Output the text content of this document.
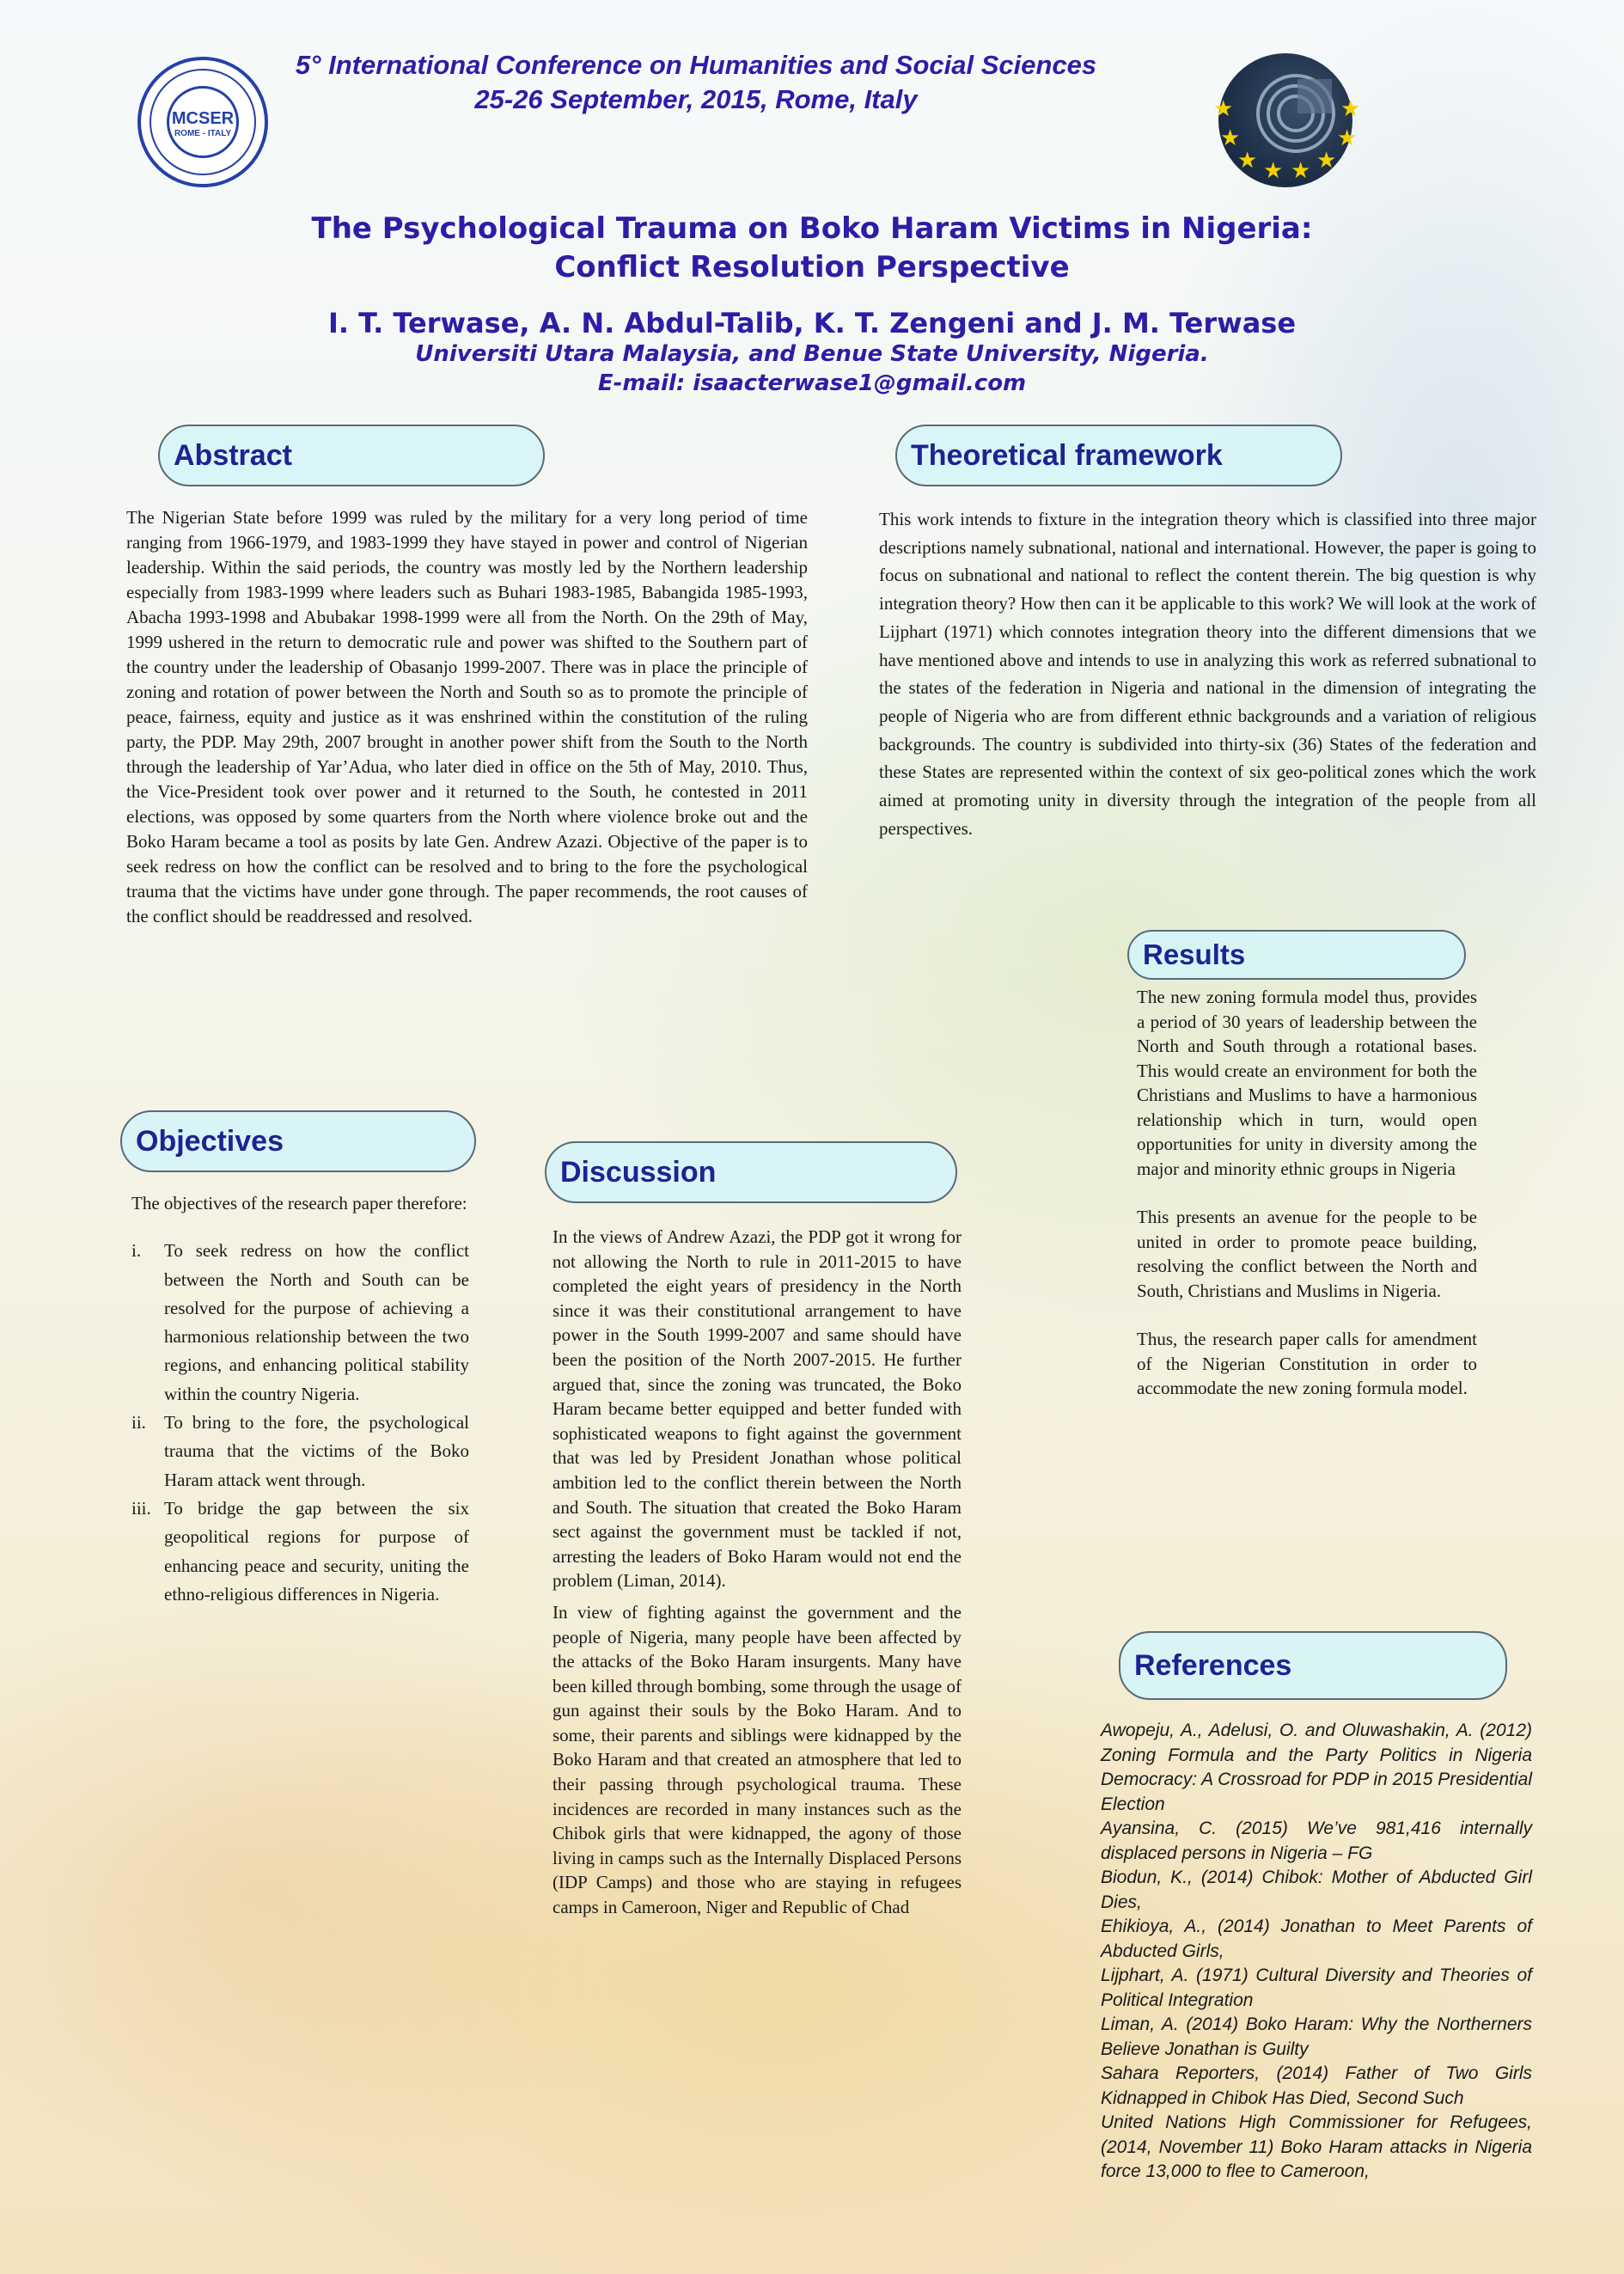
MCSER
ROME - ITALY
5° International Conference on Humanities and Social Sciences
25-26 September, 2015, Rome, Italy	★
★
★ ★ ★ ★
★
★
The Psychological Trauma on Boko Haram Victims in Nigeria:
Conflict Resolution Perspective
I. T. Terwase, A. N. Abdul-Talib, K. T. Zengeni and J. M. Terwase
Universiti Utara Malaysia, and Benue State University, Nigeria.
E-mail: isaacterwase1@gmail.com
Abstract

The Nigerian State before 1999 was ruled by the military for a very long period of time ranging from 1966-1979, and 1983-1999 they have stayed in power and control of Nigerian leadership. Within the said periods, the country was mostly led by the Northern leadership especially from 1983-1999 where leaders such as Buhari 1983-1985, Babangida 1985-1993, Abacha 1993-1998 and Abubakar 1998-1999 were all from the North. On the 29th of May, 1999 ushered in the return to democratic rule and power was shifted to the Southern part of the country under the leadership of Obasanjo 1999-2007. There was in place the principle of zoning and rotation of power between the North and South so as to promote the principle of peace, fairness, equity and justice as it was enshrined within the constitution of the ruling party, the PDP. May 29th, 2007 brought in another power shift from the South to the North through the leadership of Yar’Adua, who later died in office on the 5th of May, 2010. Thus, the Vice-President took over power and it returned to the South, he contested in 2011 elections, was opposed by some quarters from the North where violence broke out and the Boko Haram became a tool as posits by late Gen. Andrew Azazi. Objective of the paper is to seek redress on how the conflict can be resolved and to bring to the fore the psychological trauma that the victims have under gone through. The paper recommends, the root causes of the conflict should be readdressed and resolved.

Theoretical framework

This work intends to fixture in the integration theory which is classified into three major descriptions namely subnational, national and international. However, the paper is going to focus on subnational and national to reflect the content therein. The big question is why integration theory? How then can it be applicable to this work? We will look at the work of Lijphart (1971) which connotes integration theory into the different dimensions that we have mentioned above and intends to use in analyzing this work as referred subnational to the states of the federation in Nigeria and national in the dimension of integrating the people of Nigeria who are from different ethnic backgrounds and a variation of religious backgrounds. The country is subdivided into thirty-six (36) States of the federation and these States are represented within the context of six geo-political zones which the work aimed at promoting unity in diversity through the integration of the people from all perspectives.

Results

The new zoning formula model thus, provides a period of 30 years of leadership between the North and South through a rotational bases. This would create an environment for both the Christians and Muslims to have a harmonious relationship which in turn, would open opportunities for unity in diversity among the major and minority ethnic groups in Nigeria

This presents an avenue for the people to be united in order to promote peace building, resolving the conflict between the North and South, Christians and Muslims in Nigeria.

Thus, the research paper calls for amendment of the Nigerian Constitution in order to accommodate the new zoning formula model.

Objectives

The objectives of the research paper therefore:

i. To seek redress on how the conflict between the North and South can be resolved for the purpose of achieving a harmonious relationship between the two regions, and enhancing political stability within the country Nigeria.
ii. To bring to the fore, the psychological trauma that the victims of the Boko Haram attack went through.
iii. To bridge the gap between the six geopolitical regions for purpose of enhancing peace and security, uniting the ethno-religious differences in Nigeria.
Discussion

In the views of Andrew Azazi, the PDP got it wrong for not allowing the North to rule in 2011-2015 to have completed the eight years of presidency in the North since it was their constitutional arrangement to have power in the South 1999-2007 and same should have been the position of the North 2007-2015. He further argued that, since the zoning was truncated, the Boko Haram became better equipped and better funded with sophisticated weapons to fight against the government that was led by President Jonathan whose political ambition led to the conflict therein between the North and South. The situation that created the Boko Haram sect against the government must be tackled if not, arresting the leaders of Boko Haram would not end the problem (Liman, 2014).

In view of fighting against the government and the people of Nigeria, many people have been affected by the attacks of the Boko Haram insurgents. Many have been killed through bombing, some through the usage of gun against their souls by the Boko Haram. And to some, their parents and siblings were kidnapped by the Boko Haram and that created an atmosphere that led to their passing through psychological trauma. These incidences are recorded in many instances such as the Chibok girls that were kidnapped, the agony of those living in camps such as the Internally Displaced Persons (IDP Camps) and those who are staying in refugees camps in Cameroon, Niger and Republic of Chad

References
Awopeju, A., Adelusi, O. and Oluwashakin, A. (2012) Zoning Formula and the Party Politics in Nigeria Democracy: A Crossroad for PDP in 2015 Presidential Election
Ayansina, C. (2015) We’ve 981,416 internally displaced persons in Nigeria – FG
Biodun, K., (2014) Chibok: Mother of Abducted Girl Dies,
Ehikioya, A., (2014) Jonathan to Meet Parents of Abducted Girls,
Lijphart, A. (1971) Cultural Diversity and Theories of Political Integration
Liman, A. (2014) Boko Haram: Why the Northerners Believe Jonathan is Guilty
Sahara Reporters, (2014) Father of Two Girls Kidnapped in Chibok Has Died, Second Such
United Nations High Commissioner for Refugees, (2014, November 11) Boko Haram attacks in Nigeria force 13,000 to flee to Cameroon,
